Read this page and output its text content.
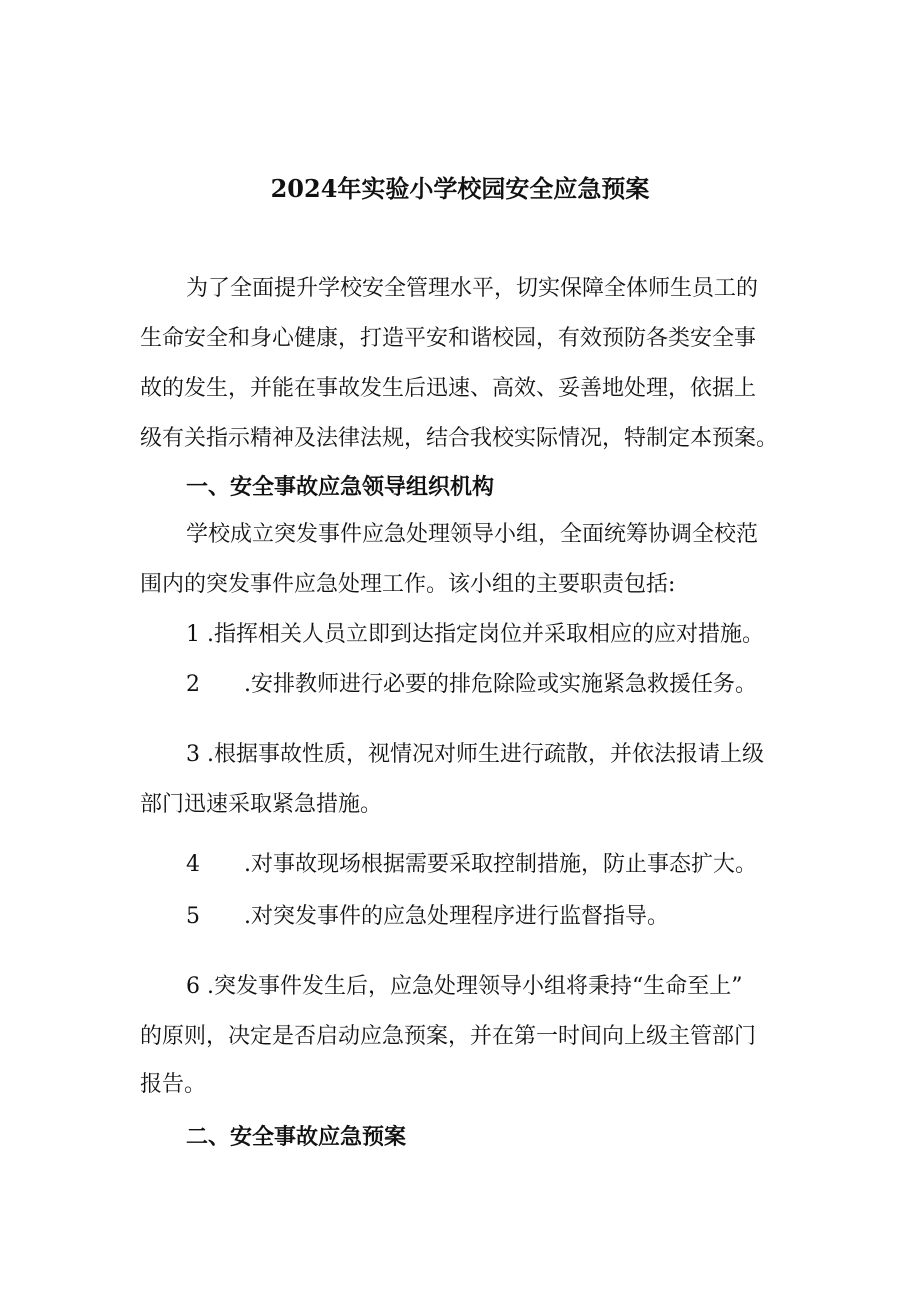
2024年实验小学校园安全应急预案
为了全面提升学校安全管理水平，切实保障全体师生员工的
生命安全和身心健康，打造平安和谐校园，有效预防各类安全事
故的发生，并能在事故发生后迅速、高效、妥善地处理，依据上
级有关指示精神及法律法规，结合我校实际情况，特制定本预案。
一、安全事故应急领导组织机构
学校成立突发事件应急处理领导小组，全面统筹协调全校范
围内的突发事件应急处理工作。该小组的主要职责包括:
1 .指挥相关人员立即到达指定岗位并采取相应的应对措施。
2　　.安排教师进行必要的排危除险或实施紧急救援任务。
3 .根据事故性质，视情况对师生进行疏散，并依法报请上级
部门迅速采取紧急措施。
4　　.对事故现场根据需要采取控制措施，防止事态扩大。
5　　.对突发事件的应急处理程序进行监督指导。
6 .突发事件发生后，应急处理领导小组将秉持“生命至上”
的原则，决定是否启动应急预案，并在第一时间向上级主管部门
报告。
二、安全事故应急预案
